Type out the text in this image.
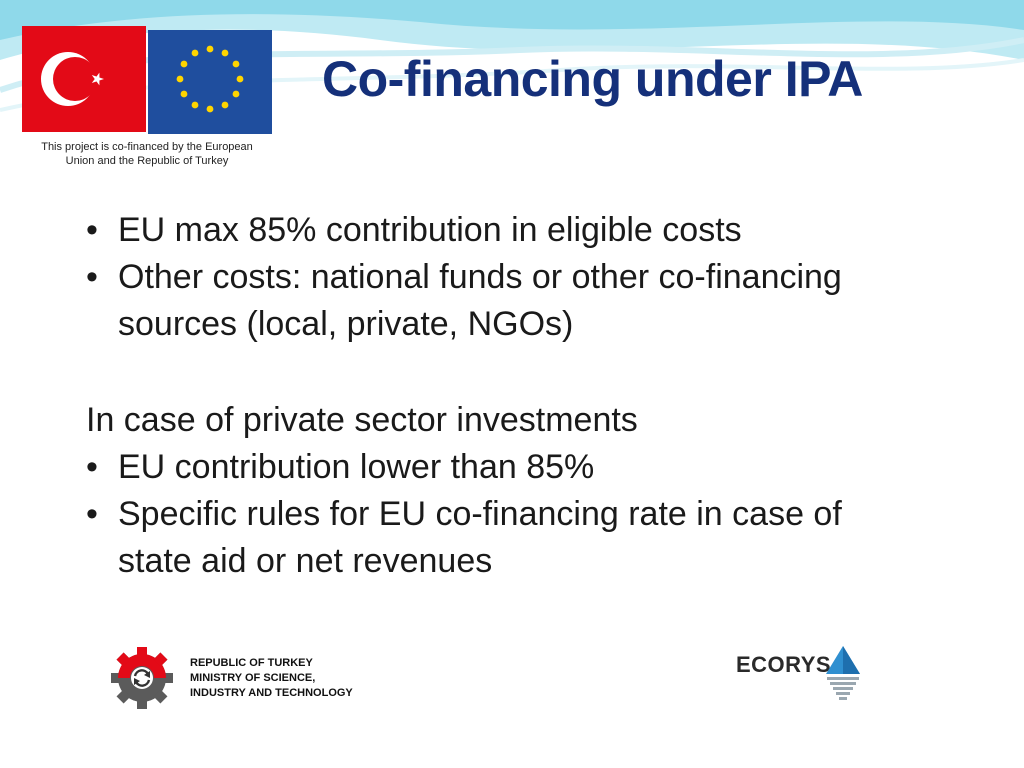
This project is co-financed by the European
Union and the Republic of Turkey
Co-financing under IPA
• EU max 85% contribution in eligible costs
• Other costs: national funds or other co-financing sources (local, private, NGOs)

In case of private sector investments

• EU contribution lower than 85%
• Specific rules for EU co-financing rate in case of state aid or net revenues
REPUBLIC OF TURKEY
MINISTRY OF SCIENCE,
INDUSTRY AND TECHNOLOGY
ECORYS
